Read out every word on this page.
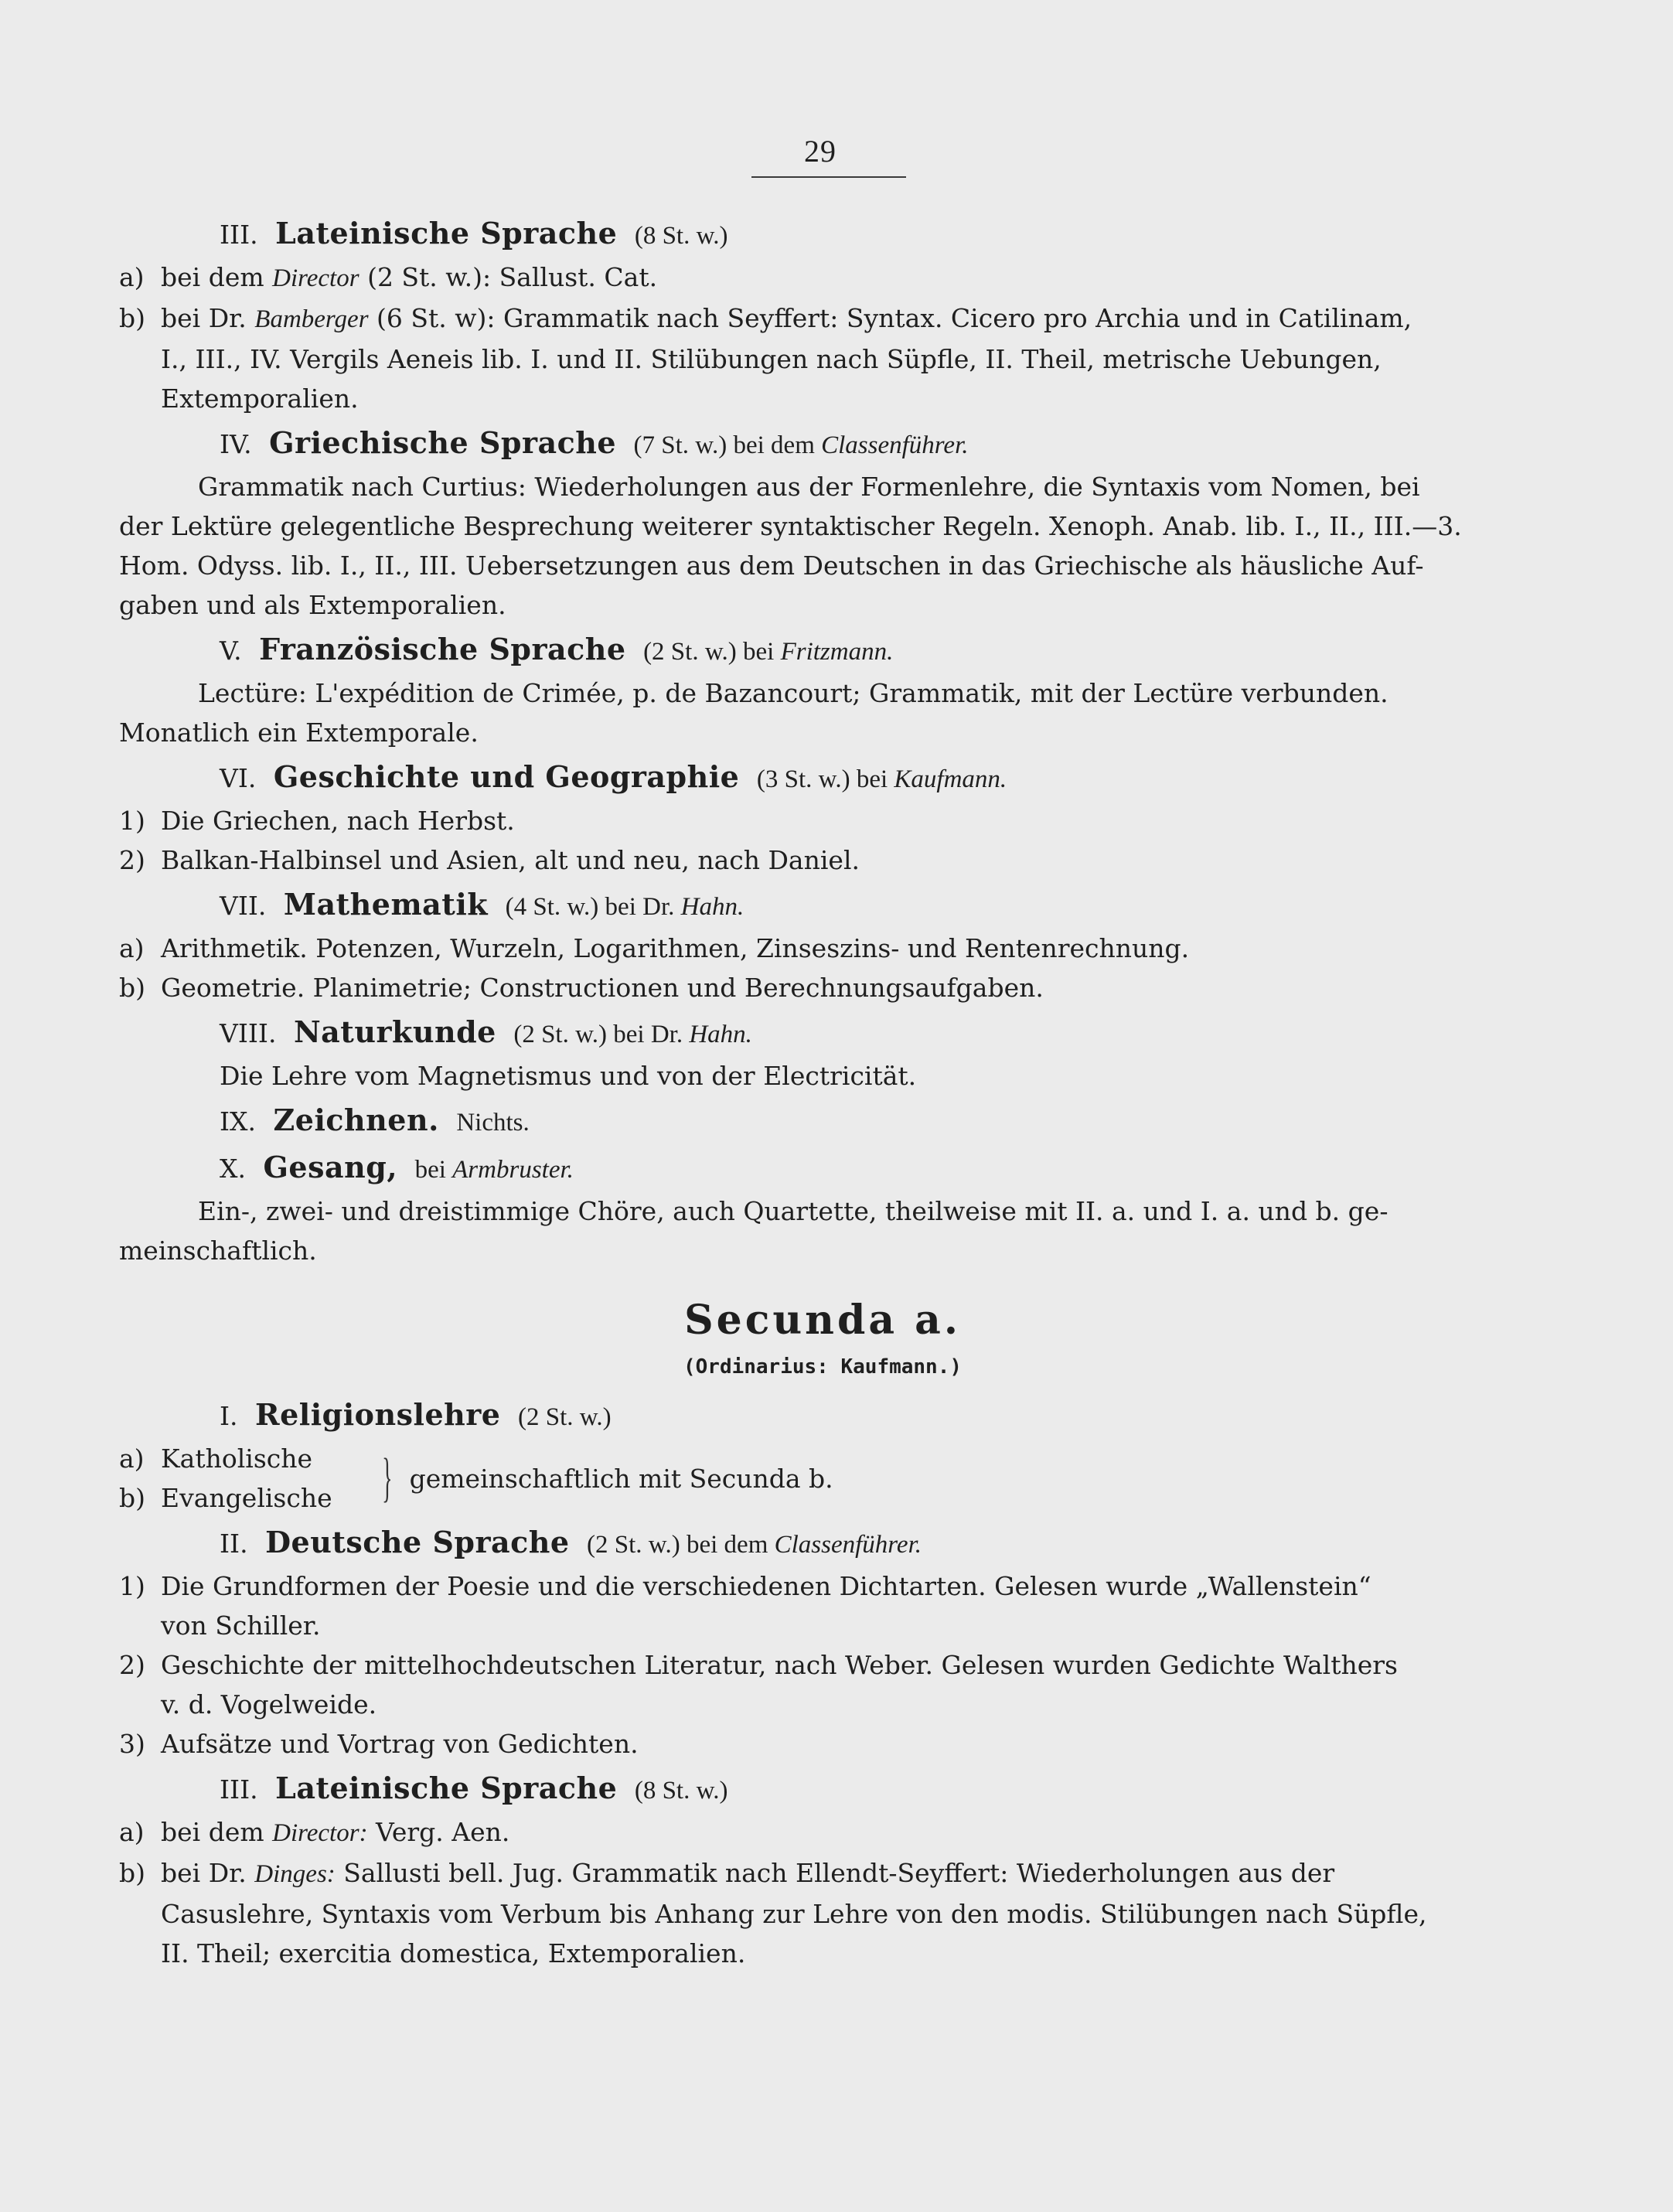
29
III. Lateinische Sprache (8 St. w.)
a) bei dem Director (2 St. w.): Sallust. Cat.
b) bei Dr. Bamberger (6 St. w): Grammatik nach Seyffert: Syntax. Cicero pro Archia und in Catilinam,
I., III., IV. Vergils Aeneis lib. I. und II. Stilübungen nach Süpfle, II. Theil, metrische Uebungen,
Extemporalien.
IV. Griechische Sprache (7 St. w.) bei dem Classenführer.
Grammatik nach Curtius: Wiederholungen aus der Formenlehre, die Syntaxis vom Nomen, bei
der Lektüre gelegentliche Besprechung weiterer syntaktischer Regeln. Xenoph. Anab. lib. I., II., III.—3.
Hom. Odyss. lib. I., II., III. Uebersetzungen aus dem Deutschen in das Griechische als häusliche Auf-
gaben und als Extemporalien.
V. Französische Sprache (2 St. w.) bei Fritzmann.
Lectüre: L'expédition de Crimée, p. de Bazancourt; Grammatik, mit der Lectüre verbunden.
Monatlich ein Extemporale.
VI. Geschichte und Geographie (3 St. w.) bei Kaufmann.
1) Die Griechen, nach Herbst.
2) Balkan-Halbinsel und Asien, alt und neu, nach Daniel.
VII. Mathematik (4 St. w.) bei Dr. Hahn.
a) Arithmetik. Potenzen, Wurzeln, Logarithmen, Zinseszins- und Rentenrechnung.
b) Geometrie. Planimetrie; Constructionen und Berechnungsaufgaben.
VIII. Naturkunde (2 St. w.) bei Dr. Hahn.
Die Lehre vom Magnetismus und von der Electricität.
IX. Zeichnen. Nichts.
X. Gesang, bei Armbruster.
Ein-, zwei- und dreistimmige Chöre, auch Quartette, theilweise mit II. a. und I. a. und b. ge-
meinschaftlich.
Secunda a.
(Ordinarius: Kaufmann.)
I. Religionslehre (2 St. w.)
a) Katholische
b) Evangelische } gemeinschaftlich mit Secunda b.
II. Deutsche Sprache (2 St. w.) bei dem Classenführer.
1) Die Grundformen der Poesie und die verschiedenen Dichtarten. Gelesen wurde „Wallenstein“
von Schiller.
2) Geschichte der mittelhochdeutschen Literatur, nach Weber. Gelesen wurden Gedichte Walthers
v. d. Vogelweide.
3) Aufsätze und Vortrag von Gedichten.
III. Lateinische Sprache (8 St. w.)
a) bei dem Director: Verg. Aen.
b) bei Dr. Dinges: Sallusti bell. Jug. Grammatik nach Ellendt-Seyffert: Wiederholungen aus der
Casuslehre, Syntaxis vom Verbum bis Anhang zur Lehre von den modis. Stilübungen nach Süpfle,
II. Theil; exercitia domestica, Extemporalien.
